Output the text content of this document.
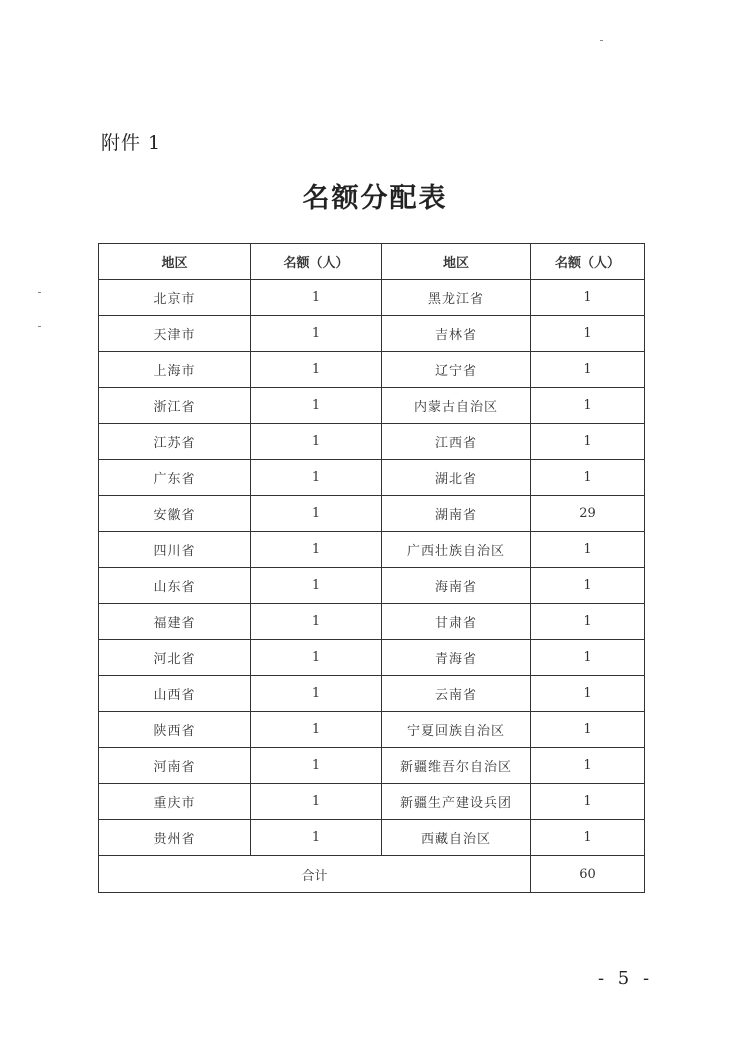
附件 1
名额分配表
地区	名额（人）	地区	名额（人）
北京市	1	黑龙江省	1
天津市	1	吉林省	1
上海市	1	辽宁省	1
浙江省	1	内蒙古自治区	1
江苏省	1	江西省	1
广东省	1	湖北省	1
安徽省	1	湖南省	29
四川省	1	广西壮族自治区	1
山东省	1	海南省	1
福建省	1	甘肃省	1
河北省	1	青海省	1
山西省	1	云南省	1
陕西省	1	宁夏回族自治区	1
河南省	1	新疆维吾尔自治区	1
重庆市	1	新疆生产建设兵团	1
贵州省	1	西藏自治区	1
合计			60
- 5 -
